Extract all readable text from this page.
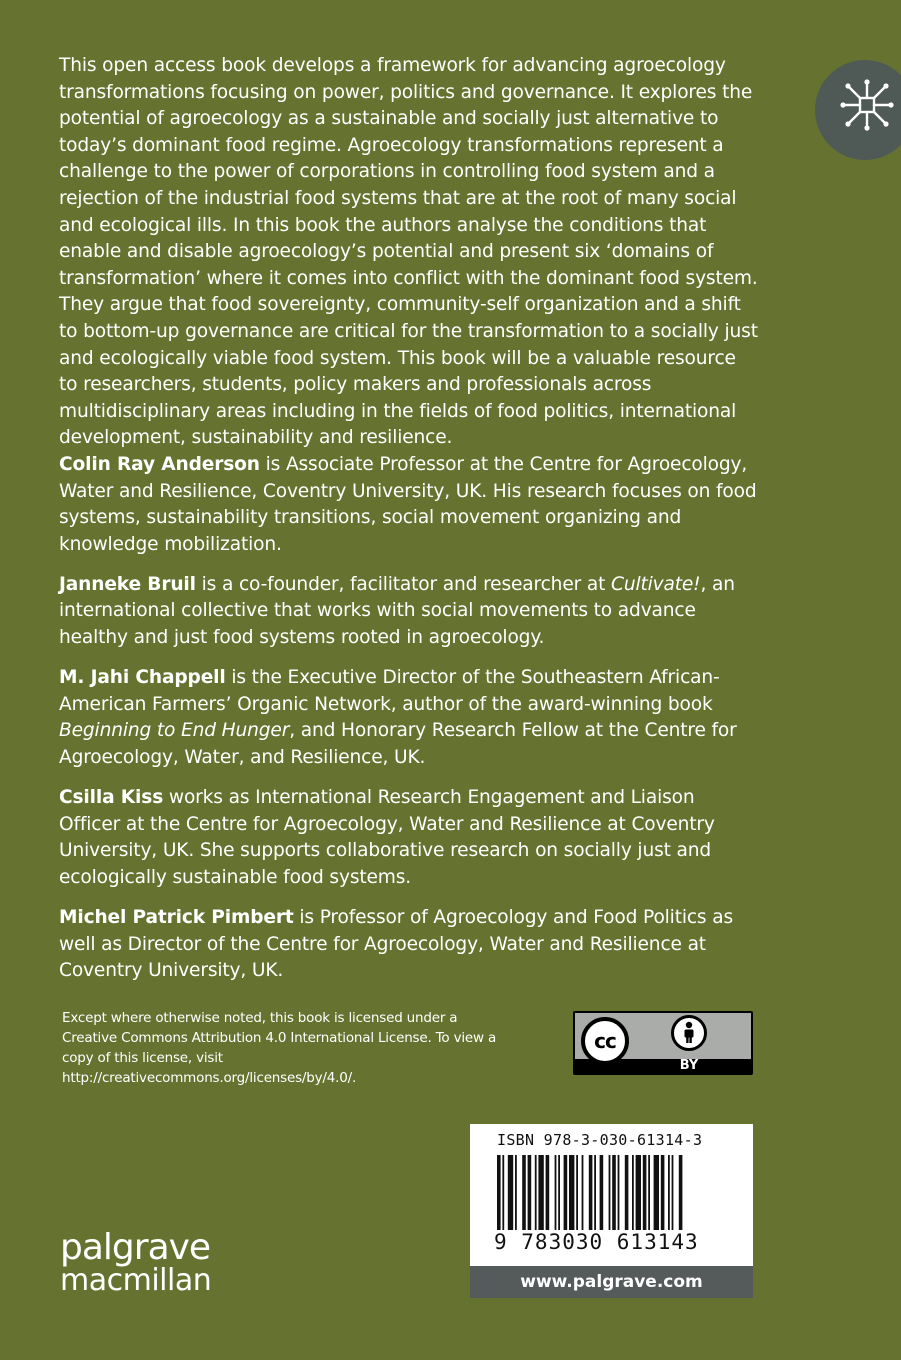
This open access book develops a framework for advancing agroecology transformations focusing on power, politics and governance. It explores the potential of agroecology as a sustainable and socially just alternative to today’s dominant food regime. Agroecology transformations represent a challenge to the power of corporations in controlling food system and a rejection of the industrial food systems that are at the root of many social and ecological ills. In this book the authors analyse the conditions that enable and disable agroecology’s potential and present six ‘domains of transformation’ where it comes into conflict with the dominant food system. They argue that food sovereignty, community-self organization and a shift to bottom-up governance are critical for the transformation to a socially just and ecologically viable food system. This book will be a valuable resource to researchers, students, policy makers and professionals across multidisciplinary areas including in the fields of food politics, international development, sustainability and resilience.

Colin Ray Anderson is Associate Professor at the Centre for Agroecology, Water and Resilience, Coventry University, UK. His research focuses on food systems, sustainability transitions, social movement organizing and knowledge mobilization.

Janneke Bruil is a co-founder, facilitator and researcher at Cultivate!, an international collective that works with social movements to advance healthy and just food systems rooted in agroecology.

M. Jahi Chappell is the Executive Director of the Southeastern African-American Farmers’ Organic Network, author of the award-winning book Beginning to End Hunger, and Honorary Research Fellow at the Centre for Agroecology, Water, and Resilience, UK.

Csilla Kiss works as International Research Engagement and Liaison Officer at the Centre for Agroecology, Water and Resilience at Coventry University, UK. She supports collaborative research on socially just and ecologically sustainable food systems.

Michel Patrick Pimbert is Professor of Agroecology and Food Politics as well as Director of the Centre for Agroecology, Water and Resilience at Coventry University, UK.

Except where otherwise noted, this book is licensed under a Creative Commons Attribution 4.0 International License. To view a copy of this license, visit http://creativecommons.org/licenses/by/4.0/.

cc
BY
ISBN 978-3-030-61314-3
9 783030 613143
www.palgrave.com
palgrave
macmillan
